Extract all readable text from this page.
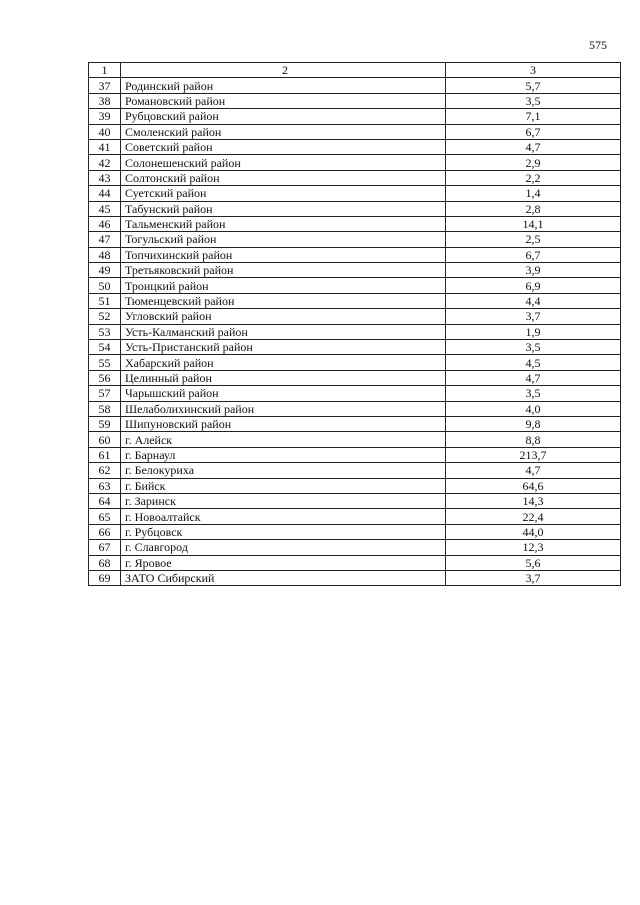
575
1	2	3
37	Родинский район	5,7
38	Романовский район	3,5
39	Рубцовский район	7,1
40	Смоленский район	6,7
41	Советский район	4,7
42	Солонешенский район	2,9
43	Солтонский район	2,2
44	Суетский район	1,4
45	Табунский район	2,8
46	Тальменский район	14,1
47	Тогульский район	2,5
48	Топчихинский район	6,7
49	Третьяковский район	3,9
50	Троицкий район	6,9
51	Тюменцевский район	4,4
52	Угловский район	3,7
53	Усть-Калманский район	1,9
54	Усть-Пристанский район	3,5
55	Хабарский район	4,5
56	Целинный район	4,7
57	Чарышский район	3,5
58	Шелаболихинский район	4,0
59	Шипуновский район	9,8
60	г. Алейск	8,8
61	г. Барнаул	213,7
62	г. Белокуриха	4,7
63	г. Бийск	64,6
64	г. Заринск	14,3
65	г. Новоалтайск	22,4
66	г. Рубцовск	44,0
67	г. Славгород	12,3
68	г. Яровое	5,6
69	ЗАТО Сибирский	3,7
